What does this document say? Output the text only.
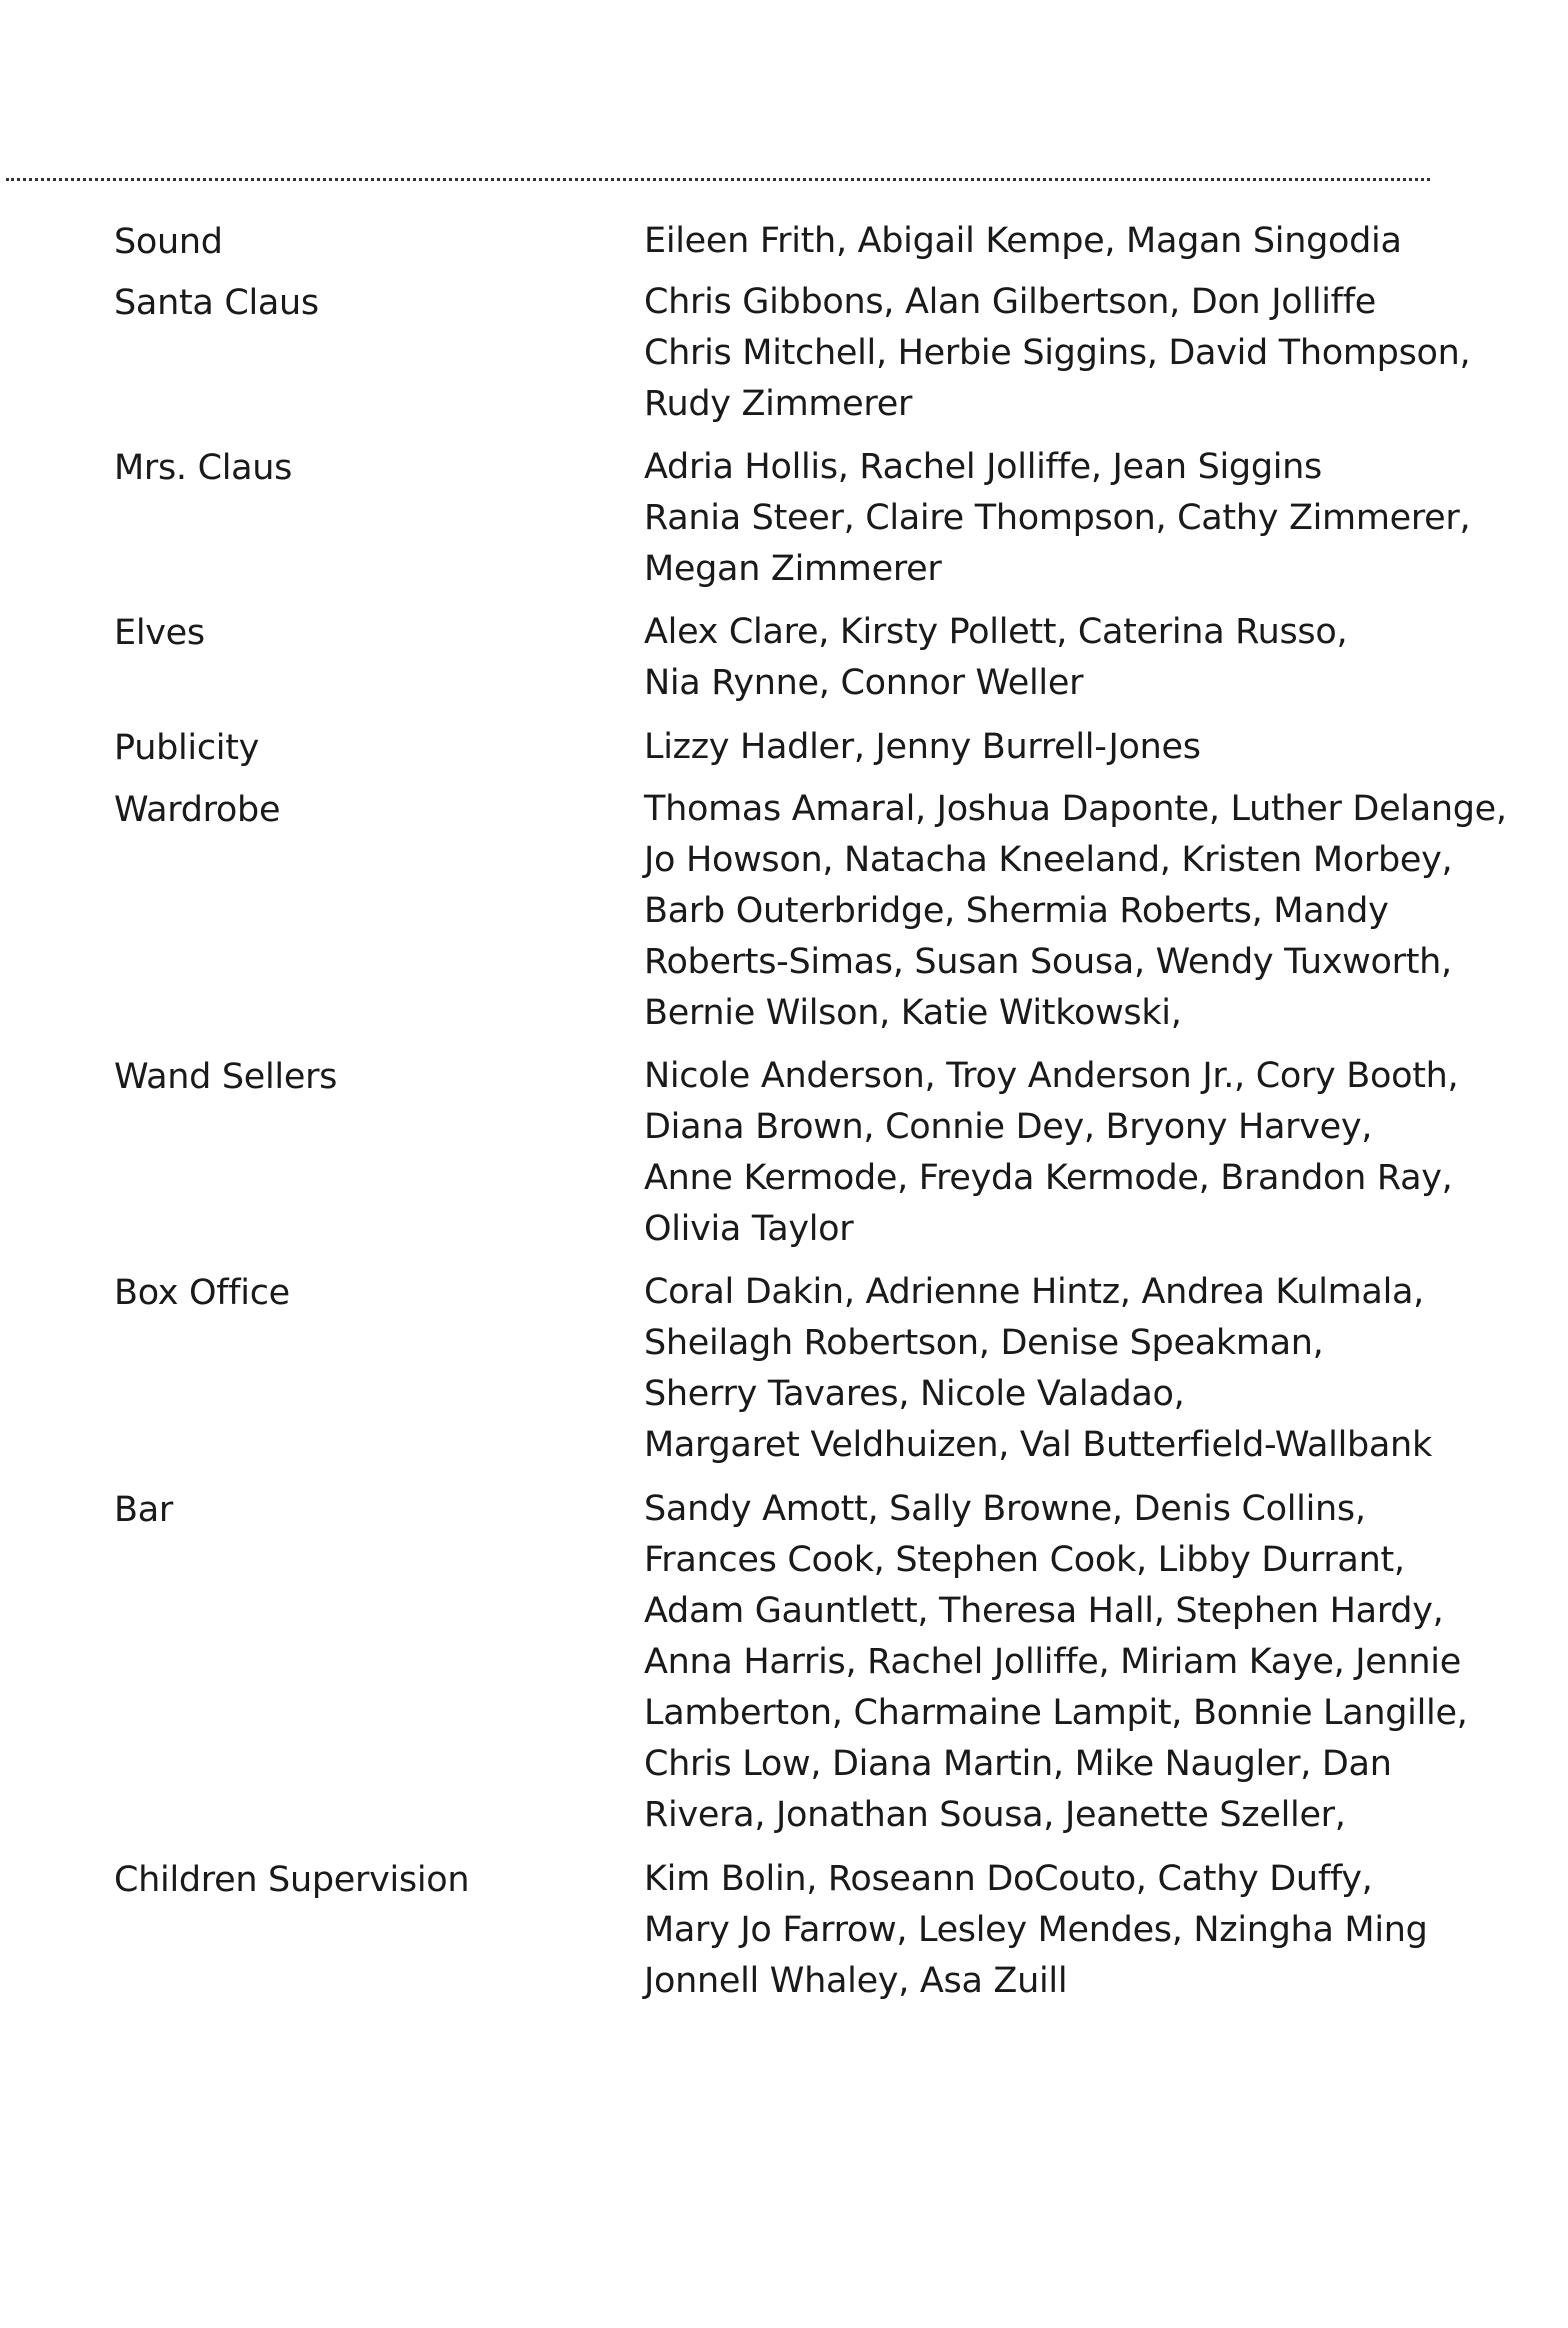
Sound	Eileen Frith, Abigail Kempe, Magan Singodia
Santa Claus	Chris Gibbons, Alan Gilbertson, Don Jolliffe
Chris Mitchell, Herbie Siggins, David Thompson,
Rudy Zimmerer
Mrs. Claus	Adria Hollis, Rachel Jolliffe, Jean Siggins
Rania Steer, Claire Thompson, Cathy Zimmerer,
Megan Zimmerer
Elves	Alex Clare, Kirsty Pollett, Caterina Russo,
Nia Rynne, Connor Weller
Publicity	Lizzy Hadler, Jenny Burrell-Jones
Wardrobe	Thomas Amaral, Joshua Daponte, Luther Delange,
Jo Howson, Natacha Kneeland, Kristen Morbey,
Barb Outerbridge, Shermia Roberts, Mandy
Roberts-Simas, Susan Sousa, Wendy Tuxworth,
Bernie Wilson, Katie Witkowski,
Wand Sellers	Nicole Anderson, Troy Anderson Jr., Cory Booth,
Diana Brown, Connie Dey, Bryony Harvey,
Anne Kermode, Freyda Kermode, Brandon Ray,
Olivia Taylor
Box Office	Coral Dakin, Adrienne Hintz, Andrea Kulmala,
Sheilagh Robertson, Denise Speakman,
Sherry Tavares, Nicole Valadao,
Margaret Veldhuizen, Val Butterfield-Wallbank
Bar	Sandy Amott, Sally Browne, Denis Collins,
Frances Cook, Stephen Cook, Libby Durrant,
Adam Gauntlett, Theresa Hall, Stephen Hardy,
Anna Harris, Rachel Jolliffe, Miriam Kaye, Jennie
Lamberton, Charmaine Lampit, Bonnie Langille,
Chris Low, Diana Martin, Mike Naugler, Dan
Rivera, Jonathan Sousa, Jeanette Szeller,
Children Supervision	Kim Bolin, Roseann DoCouto, Cathy Duffy,
Mary Jo Farrow, Lesley Mendes, Nzingha Ming
Jonnell Whaley, Asa Zuill
